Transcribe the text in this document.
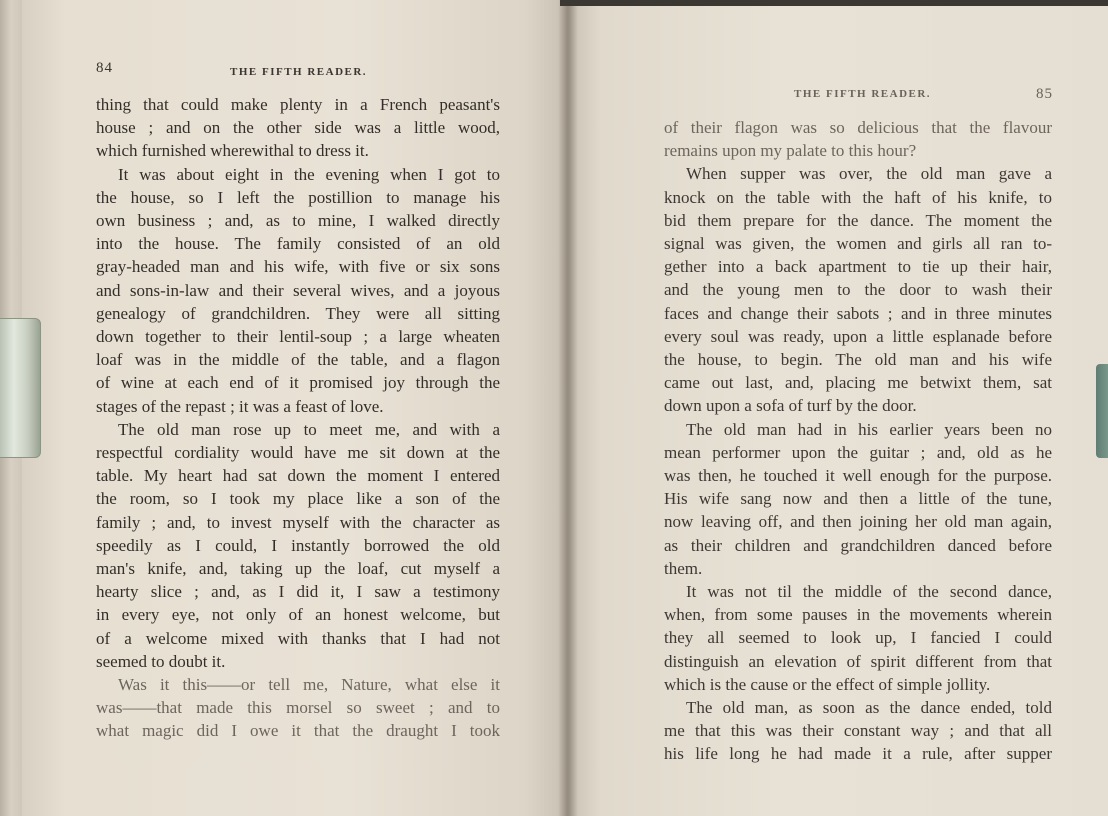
84	THE FIFTH READER.
thing that could make plenty in a French peasant's
house ; and on the other side was a little wood,
which furnished wherewithal to dress it.
It was about eight in the evening when I got to
the house, so I left the postillion to manage his
own business ; and, as to mine, I walked directly
into the house. The family consisted of an old
gray-headed man and his wife, with five or six sons
and sons-in-law and their several wives, and a joyous
genealogy of grandchildren. They were all sitting
down together to their lentil-soup ; a large wheaten
loaf was in the middle of the table, and a flagon
of wine at each end of it promised joy through the
stages of the repast ; it was a feast of love.
The old man rose up to meet me, and with a
respectful cordiality would have me sit down at the
table. My heart had sat down the moment I entered
the room, so I took my place like a son of the
family ; and, to invest myself with the character as
speedily as I could, I instantly borrowed the old
man's knife, and, taking up the loaf, cut myself a
hearty slice ; and, as I did it, I saw a testimony
in every eye, not only of an honest welcome, but
of a welcome mixed with thanks that I had not
seemed to doubt it.
Was it this——or tell me, Nature, what else it
was——that made this morsel so sweet ; and to
what magic did I owe it that the draught I took
THE FIFTH READER.	85
of their flagon was so delicious that the flavour
remains upon my palate to this hour?
When supper was over, the old man gave a
knock on the table with the haft of his knife, to
bid them prepare for the dance. The moment the
signal was given, the women and girls all ran to-
gether into a back apartment to tie up their hair,
and the young men to the door to wash their
faces and change their sabots ; and in three minutes
every soul was ready, upon a little esplanade before
the house, to begin. The old man and his wife
came out last, and, placing me betwixt them, sat
down upon a sofa of turf by the door.
The old man had in his earlier years been no
mean performer upon the guitar ; and, old as he
was then, he touched it well enough for the purpose.
His wife sang now and then a little of the tune,
now leaving off, and then joining her old man again,
as their children and grandchildren danced before
them.
It was not til the middle of the second dance,
when, from some pauses in the movements wherein
they all seemed to look up, I fancied I could
distinguish an elevation of spirit different from that
which is the cause or the effect of simple jollity.
The old man, as soon as the dance ended, told
me that this was their constant way ; and that all
his life long he had made it a rule, after supper
